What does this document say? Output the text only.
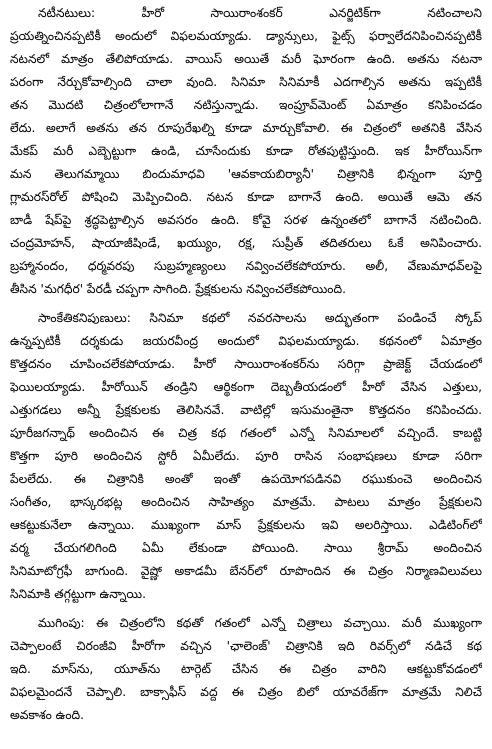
నటీనటులు: హీరో సాయిరాంశంకర్ ఎనర్జిటిక్‌గా నటించాలని
ప్రయత్నించినప్పటికీ అందులో విఫలమయ్యాడు. డ్యాన్సులు, ఫైట్స్ ఫర్వాలేదనిపించినప్పటికీ
నటనలో మాత్రం తేలిపోయాడు. వాయిస్ అయితే మరీ ఘోరంగా ఉంది. అతను నటనా
పరంగా నేర్చుకోవాల్సింది చాలా వుంది. సినిమా సినిమాకీ ఎదగాల్సిన అతను ఇప్పటికీ
తన మొదటి చిత్రంలోలాగానే నటిస్తున్నాడు. ఇంప్రూవ్‌మెంట్ ఏమాత్రం కనిపించడం
లేదు. అలాగే అతను తన రూపురేఖల్ని కూడా మార్చుకోవాలి. ఈ చిత్రంలో అతనికి వేసిన
మేకప్ మరీ ఎబ్బెట్టుగా ఉండి, చూసేందుకు కూడా రోతపుట్టిస్తుంది. ఇక హీరోయిన్‌గా
మన తెలుగమ్మాయి బిందుమాధవి 'ఆవకాయబిర్యానీ' చిత్రానికి భిన్నంగా పూర్తి
గ్లామరస్‌రోల్ పోషించి మెప్పించింది. నటన కూడా బాగానే ఉంది. అయితే ఆమె తన
బాడీ షేప్‌పై శ్రద్ధపెట్టాల్సిన అవసరం ఉంది. కోవై సరళ ఉన్నంతలో బాగానే నటించింది.
చంద్రమోహన్, షాయాజీషిండే, ఖయ్యుం, రక్ష, సుప్రీత్ తదితరులు ఓకే అనిపించారు.
బ్రహ్మానందం, ధర్మవరపు సుబ్రహ్మణ్యంలు నవ్వించలేకపోయారు. అలీ, వేణుమాధవ్‌లపై
తీసిన 'మగధీర' పేరడీ చప్పగా సాగింది. ప్రేక్షకులను నవ్వించలేకపోయింది.
సాంకేతికనిపుణులు: సినిమా కథలో నవరసాలను అద్భుతంగా పండించే స్కోప్
ఉన్నప్పటికీ దర్శకుడు జయరవీంద్ర అందులో విఫలమయ్యాడు. కథనంలో ఏమాత్రం
కొత్తదనం చూపించలేకపోయాడు. హీరో సాయిరాంశంకర్‌ను సరిగ్గా ప్రాజెక్ట్ చేయడంలో
ఫెయిలయ్యాడు. హీరోయిన్ తండ్రిని ఆర్థికంగా దెబ్బతీయడంలో హీరో వేసిన ఎత్తులు,
ఎత్తుగడలు అన్నీ ప్రేక్షకులకు తెలిసినవే. వాటిల్లో ఇసుమంతైనా కొత్తదనం కనిపించదు.
పూరీజగన్నాథ్ అందించిన ఈ చిత్ర కథ గతంలో ఎన్నో సినిమాలలో వచ్చిందే. కాబట్టి
కొత్తగా పూరి అందించిన స్టోరీ ఏమీలేదు. పూరి రాసిన సంభాషణలు కూడా సరిగా
పేలలేదు. ఈ చిత్రానికి అంతో ఇంతో ఉపయోగపడినవి రఘుకుంచె అందించిన
సంగీతం, భాస్కరభట్ల అందించిన సాహిత్యం మాత్రమే. పాటలు మాత్రం ప్రేక్షకులని
ఆకట్టుకునేలా ఉన్నాయి. ముఖ్యంగా మాస్ ప్రేక్షకులను ఇవి అలరిస్తాయి. ఎడిటింగ్‌లో
వర్మ చేయగలిగింది ఏమీ లేకుండా పోయింది. సాయి శ్రీరామ్ అందించిన
సినిమాటోగ్రఫీ బాగుంది. వైష్ణో అకాడమీ బేనర్‌లో రూపొందిన ఈ చిత్రం నిర్మాణవిలువలు
సినిమాకి తగ్గట్టుగా ఉన్నాయి.
ముగింపు: ఈ చిత్రంలోని కథతో గతంలో ఎన్నో చిత్రాలు వచ్చాయి. మరీ ముఖ్యంగా
చెప్పాలంటే చిరంజీవి హీరోగా వచ్చిన 'ఛాలెంజ్' చిత్రానికి ఇది రివర్స్‌లో నడిచే కథ
ఇది. మాస్‌ను, యూత్‌ను టార్గెట్ చేసిన ఈ చిత్రం వారిని ఆకట్టుకోవడంలో
విఫలమైందనే చెప్పాలి. బాక్సాఫీస్ వద్ద ఈ చిత్రం బిలో యావరేజ్‌గా మాత్రమే నిలిచే
అవకాశం ఉంది.
